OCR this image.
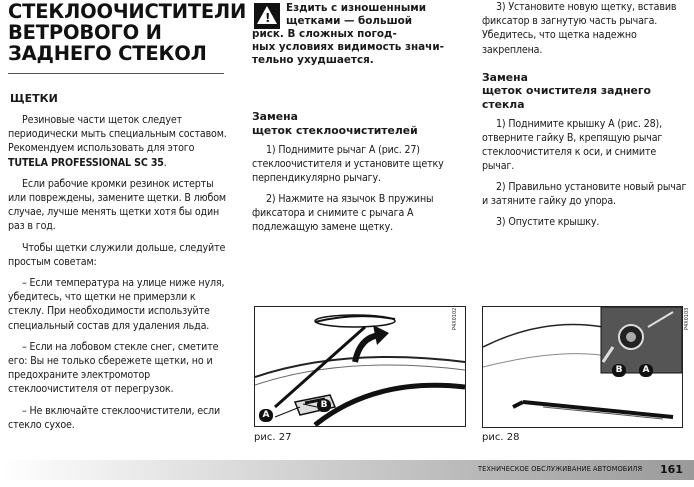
СТЕКЛООЧИСТИТЕЛИ
ВЕТРОВОГО И
ЗАДНЕГО СТЕКОЛ
ЩЕТКИ

Резиновые части щеток следует периодически мыть специальным составом. Рекомендуем использовать для этого TUTELA PROFESSIONAL SC 35.

Если рабочие кромки резинок истерты или повреждены, замените щетки. В любом случае, лучше менять щетки хотя бы один раз в год.

Чтобы щетки служили дольше, следуйте простым советам:

– Если температура на улице ниже нуля, убедитесь, что щетки не примерзли к стеклу. При необходимости используйте специальный состав для удаления льда.

– Если на лобовом стекле снег, сметите его: Вы не только сбережете щетки, но и предохраните электромотор стеклоочистителя от перегрузок.

– Не включайте стеклоочистители, если стекло сухое.

!
Ездить с изношенными
щетками — большой
риск. В сложных погод-
ных условиях видимость значи-
тельно ухудшается.
Замена
щеток стеклоочистителей

1) Поднимите рычаг A (рис. 27) стеклоочистителя и установите щетку перпендикулярно рычагу.

2) Нажмите на язычок B пружины фиксатора и снимите с рычага A подлежащую замене щетку.

3) Установите новую щетку, вставив фиксатор в загнутую часть рычага. Убедитесь, что щетка надежно закреплена.

Замена
щеток очистителя заднего стекла

1) Поднимите крышку A (рис. 28), отверните гайку B, крепящую рычаг стеклоочистителя к оси, и снимите рычаг.

2) Правильно установите новый рычаг и затяните гайку до упора.

3) Опустите крышку.

A
B
P4X0102
рис. 27
B	A
P4X0103
рис. 28
ТЕХНИЧЕСКОЕ ОБСЛУЖИВАНИЕ АВТОМОБИЛЯ 161
